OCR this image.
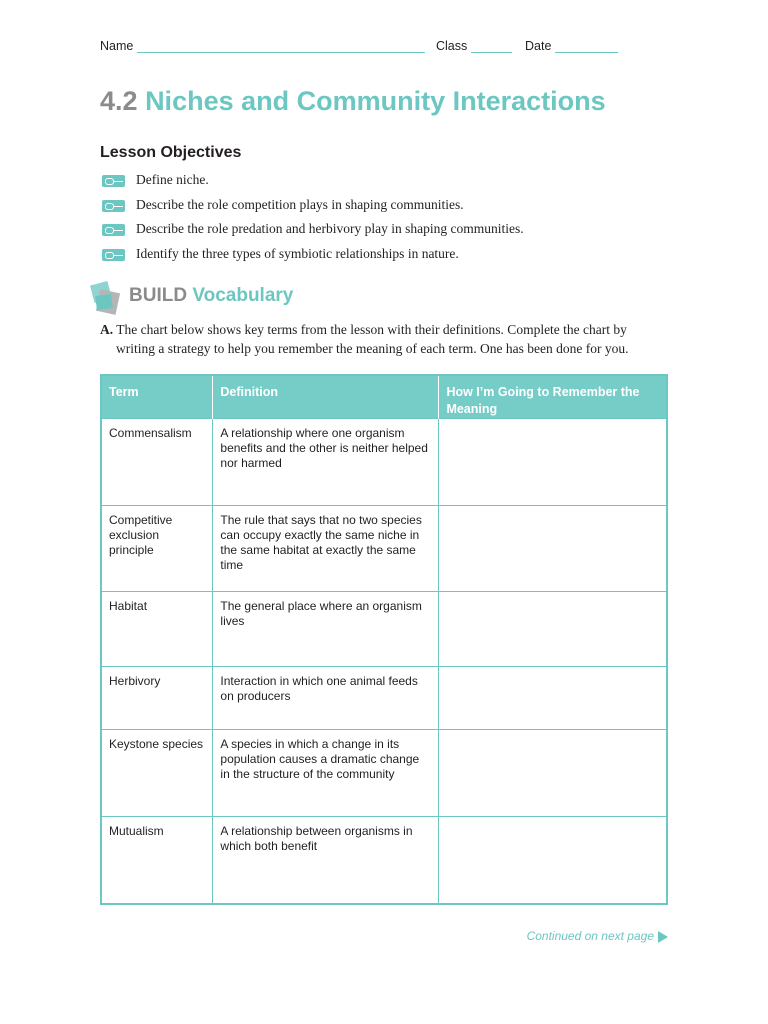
Name	Class	Date
4.2 Niches and Community Interactions
Lesson Objectives
Define niche.
Describe the role competition plays in shaping communities.
Describe the role predation and herbivory play in shaping communities.
Identify the three types of symbiotic relationships in nature.
BUILD Vocabulary
A. The chart below shows key terms from the lesson with their definitions. Complete the chart by
writing a strategy to help you remember the meaning of each term. One has been done for you.
Term	Definition	How I’m Going to Remember the Meaning
Commensalism	A relationship where one organism benefits and the other is neither helped nor harmed	
Competitive exclusion principle	The rule that says that no two species can occupy exactly the same niche in the same habitat at exactly the same time	
Habitat	The general place where an organism lives	
Herbivory	Interaction in which one animal feeds on producers	
Keystone species	A species in which a change in its population causes a dramatic change in the structure of the community	
Mutualism	A relationship between organisms in which both benefit	
Continued on next page
